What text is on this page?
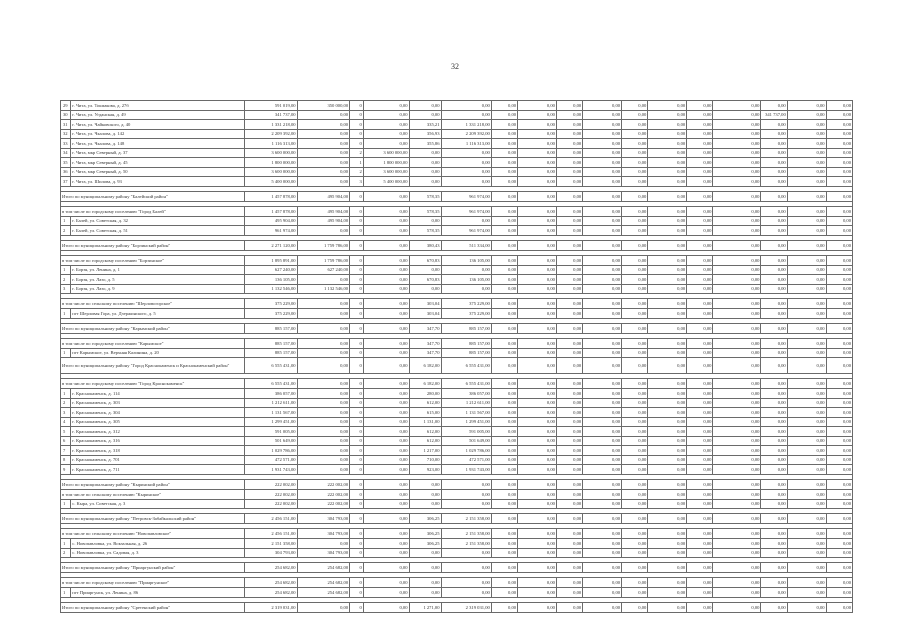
32
29	г. Чита, ул. Токмакова, д. 27б	591 019,00	350 000,00	0	0,00	0,00	0,00	0,00	0,00	0,00	0,00	0,00	0,00	0,00	0,00	0,00	0,00	0,00
30	г. Чита, ул. Угданская, д. 49	341 737,00	0,00	0	0,00	0,00	0,00	0,00	0,00	0,00	0,00	0,00	0,00	0,00	0,00	341 737,00	0,00	0,00
31	г. Чита, ул. Чайковского, д. 40	1 331 218,00	0,00	0	0,00	335,21	1 331 218,00	0,00	0,00	0,00	0,00	0,00	0,00	0,00	0,00	0,00	0,00	0,00
32	г. Чита, ул. Чкалова, д. 142	2 209 392,00	0,00	0	0,00	356,93	2 209 392,00	0,00	0,00	0,00	0,00	0,00	0,00	0,00	0,00	0,00	0,00	0,00
33	г. Чита, ул. Чкалова, д. 148	1 116 313,00	0,00	0	0,00	355,86	1 116 313,00	0,00	0,00	0,00	0,00	0,00	0,00	0,00	0,00	0,00	0,00	0,00
34	г. Чита, мкр Северный, д. 37	3 600 000,00	0,00	2	3 600 000,00	0,00	0,00	0,00	0,00	0,00	0,00	0,00	0,00	0,00	0,00	0,00	0,00	0,00
35	г. Чита, мкр Северный, д. 45	1 800 000,00	0,00	1	1 800 000,00	0,00	0,00	0,00	0,00	0,00	0,00	0,00	0,00	0,00	0,00	0,00	0,00	0,00
36	г. Чита, мкр Северный, д. 50	3 600 000,00	0,00	2	3 600 000,00	0,00	0,00	0,00	0,00	0,00	0,00	0,00	0,00	0,00	0,00	0,00	0,00	0,00
37	г. Чита, ул. Шилова, д. 93	5 400 000,00	0,00	3	5 400 000,00	0,00	0,00	0,00	0,00	0,00	0,00	0,00	0,00	0,00	0,00	0,00	0,00	0,00

Итого по муниципальному району "Балейский район"		1 457 878,00	495 904,00	0	0,00	578,35	961 974,00	0,00	0,00	0,00	0,00	0,00	0,00	0,00	0,00	0,00	0,00	0,00

в том числе по городскому поселению "Город Балей"		1 457 878,00	495 904,00	0	0,00	578,35	961 974,00	0,00	0,00	0,00	0,00	0,00	0,00	0,00	0,00	0,00	0,00	0,00
1	г. Балей, ул. Советская, д. 32	495 904,00	495 904,00	0	0,00	0,00	0,00	0,00	0,00	0,00	0,00	0,00	0,00	0,00	0,00	0,00	0,00	0,00
2	г. Балей, ул. Советская, д. 51	961 974,00	0,00	0	0,00	578,35	961 974,00	0,00	0,00	0,00	0,00	0,00	0,00	0,00	0,00	0,00	0,00	0,00

Итого по муниципальному району "Борзинский район"		2 271 120,00	1 759 786,00	0	0,00	380,43	511 334,00	0,00	0,00	0,00	0,00	0,00	0,00	0,00	0,00	0,00	0,00	0,00

в том числе по городскому поселению "Борзинское"		1 895 891,00	1 759 786,00	0	0,00	670,83	136 105,00	0,00	0,00	0,00	0,00	0,00	0,00	0,00	0,00	0,00	0,00	0,00
1	г. Борзя, ул. Ленина, д. 1	627 240,00	627 240,00	0	0,00	0,00	0,00	0,00	0,00	0,00	0,00	0,00	0,00	0,00	0,00	0,00	0,00	0,00
2	г. Борзя, ул. Лазо, д. 5	136 105,00	0,00	0	0,00	670,83	136 105,00	0,00	0,00	0,00	0,00	0,00	0,00	0,00	0,00	0,00	0,00	0,00
3	г. Борзя, ул. Лазо, д. 9	1 132 546,00	1 132 546,00	0	0,00	0,00	0,00	0,00	0,00	0,00	0,00	0,00	0,00	0,00	0,00	0,00	0,00	0,00

в том числе по сельскому поселению "Шерловогорское"		375 229,00	0,00	0	0,00	303,04	375 229,00	0,00	0,00	0,00	0,00	0,00	0,00	0,00	0,00	0,00	0,00	0,00
1	пгт Шерловая Гора, ул. Дзержинского, д. 5	375 229,00	0,00	0	0,00	303,04	375 229,00	0,00	0,00	0,00	0,00	0,00	0,00	0,00	0,00	0,00	0,00	0,00

Итого по муниципальному району "Карымский район"		885 157,00	0,00	0	0,00	347,70	885 157,00	0,00	0,00	0,00	0,00	0,00	0,00	0,00	0,00	0,00	0,00	0,00

в том числе по городскому поселению "Карымское"		885 157,00	0,00	0	0,00	347,70	885 157,00	0,00	0,00	0,00	0,00	0,00	0,00	0,00	0,00	0,00	0,00	0,00
1	пгт Карымское, ул. Верхняя Калинина, д. 20	885 157,00	0,00	0	0,00	347,70	885 157,00	0,00	0,00	0,00	0,00	0,00	0,00	0,00	0,00	0,00	0,00	0,00
Итого по муниципальному району "Город Краснокаменск и Краснокаменский район"		6 555 431,00	0,00	0	0,00	6 182,00	6 555 431,00	0,00	0,00	0,00	0,00	0,00	0,00	0,00	0,00	0,00	0,00	0,00

в том числе по городскому поселению "Город Краснокаменск"		6 555 431,00	0,00	0	0,00	6 182,00	6 555 431,00	0,00	0,00	0,00	0,00	0,00	0,00	0,00	0,00	0,00	0,00	0,00
1	г. Краснокаменск, д. 114	386 057,00	0,00	0	0,00	280,00	386 057,00	0,00	0,00	0,00	0,00	0,00	0,00	0,00	0,00	0,00	0,00	0,00
2	г. Краснокаменск, д. 303	1 212 611,00	0,00	0	0,00	612,00	1 212 611,00	0,00	0,00	0,00	0,00	0,00	0,00	0,00	0,00	0,00	0,00	0,00
3	г. Краснокаменск, д. 304	1 131 567,00	0,00	0	0,00	615,00	1 131 567,00	0,00	0,00	0,00	0,00	0,00	0,00	0,00	0,00	0,00	0,00	0,00
4	г. Краснокаменск, д. 305	1 299 451,00	0,00	0	0,00	1 131,00	1 299 451,00	0,00	0,00	0,00	0,00	0,00	0,00	0,00	0,00	0,00	0,00	0,00
5	г. Краснокаменск, д. 312	591 005,00	0,00	0	0,00	612,00	591 005,00	0,00	0,00	0,00	0,00	0,00	0,00	0,00	0,00	0,00	0,00	0,00
6	г. Краснокаменск, д. 316	501 649,00	0,00	0	0,00	612,00	501 649,00	0,00	0,00	0,00	0,00	0,00	0,00	0,00	0,00	0,00	0,00	0,00
7	г. Краснокаменск, д. 318	1 029 786,00	0,00	0	0,00	1 217,00	1 029 786,00	0,00	0,00	0,00	0,00	0,00	0,00	0,00	0,00	0,00	0,00	0,00
8	г. Краснокаменск, д. 701	472 571,00	0,00	0	0,00	710,00	472 571,00	0,00	0,00	0,00	0,00	0,00	0,00	0,00	0,00	0,00	0,00	0,00
9	г. Краснокаменск, д. 711	1 931 743,00	0,00	0	0,00	923,00	1 931 743,00	0,00	0,00	0,00	0,00	0,00	0,00	0,00	0,00	0,00	0,00	0,00

Итого по муниципальному району "Кыринский район"		222 002,00	222 002,00	0	0,00	0,00	0,00	0,00	0,00	0,00	0,00	0,00	0,00	0,00	0,00	0,00	0,00	0,00
в том числе по сельскому поселению "Кыринское"		222 002,00	222 002,00	0	0,00	0,00	0,00	0,00	0,00	0,00	0,00	0,00	0,00	0,00	0,00	0,00	0,00	0,00
1	с. Кыра, ул. Советская, д. 3	222 002,00	222 002,00	0	0,00	0,00	0,00	0,00	0,00	0,00	0,00	0,00	0,00	0,00	0,00	0,00	0,00	0,00

Итого по муниципальному району "Петровск-Забайкальский район"		2 456 151,00	304 793,00	0	0,00	306,25	2 151 358,00	0,00	0,00	0,00	0,00	0,00	0,00	0,00	0,00	0,00	0,00	0,00

в том числе по сельскому поселению "Новопавловское"		2 456 151,00	304 793,00	0	0,00	306,25	2 151 358,00	0,00	0,00	0,00	0,00	0,00	0,00	0,00	0,00	0,00	0,00	0,00
1	с. Новопавловка, ул. Вокзальная, д. 26	2 151 358,00	0,00	0	0,00	306,25	2 151 358,00	0,00	0,00	0,00	0,00	0,00	0,00	0,00	0,00	0,00	0,00	0,00
2	с. Новопавловка, ул. Садовая, д. 3	304 793,00	304 793,00	0	0,00	0,00	0,00	0,00	0,00	0,00	0,00	0,00	0,00	0,00	0,00	0,00	0,00	0,00

Итого по муниципальному району "Приаргунский район"		254 682,00	254 682,00	0	0,00	0,00	0,00	0,00	0,00	0,00	0,00	0,00	0,00	0,00	0,00	0,00	0,00	0,00

в том числе по городскому поселению "Приаргунское"		254 682,00	254 682,00	0	0,00	0,00	0,00	0,00	0,00	0,00	0,00	0,00	0,00	0,00	0,00	0,00	0,00	0,00
1	пгт Приаргунск, ул. Ленина, д. 86	254 682,00	254 682,00	0	0,00	0,00	0,00	0,00	0,00	0,00	0,00	0,00	0,00	0,00	0,00	0,00	0,00	0,00

Итого по муниципальному району "Сретенский район"		2 319 031,00	0,00	0	0,00	1 271,00	2 319 031,00	0,00	0,00	0,00	0,00	0,00	0,00	0,00	0,00	0,00	0,00	0,00
